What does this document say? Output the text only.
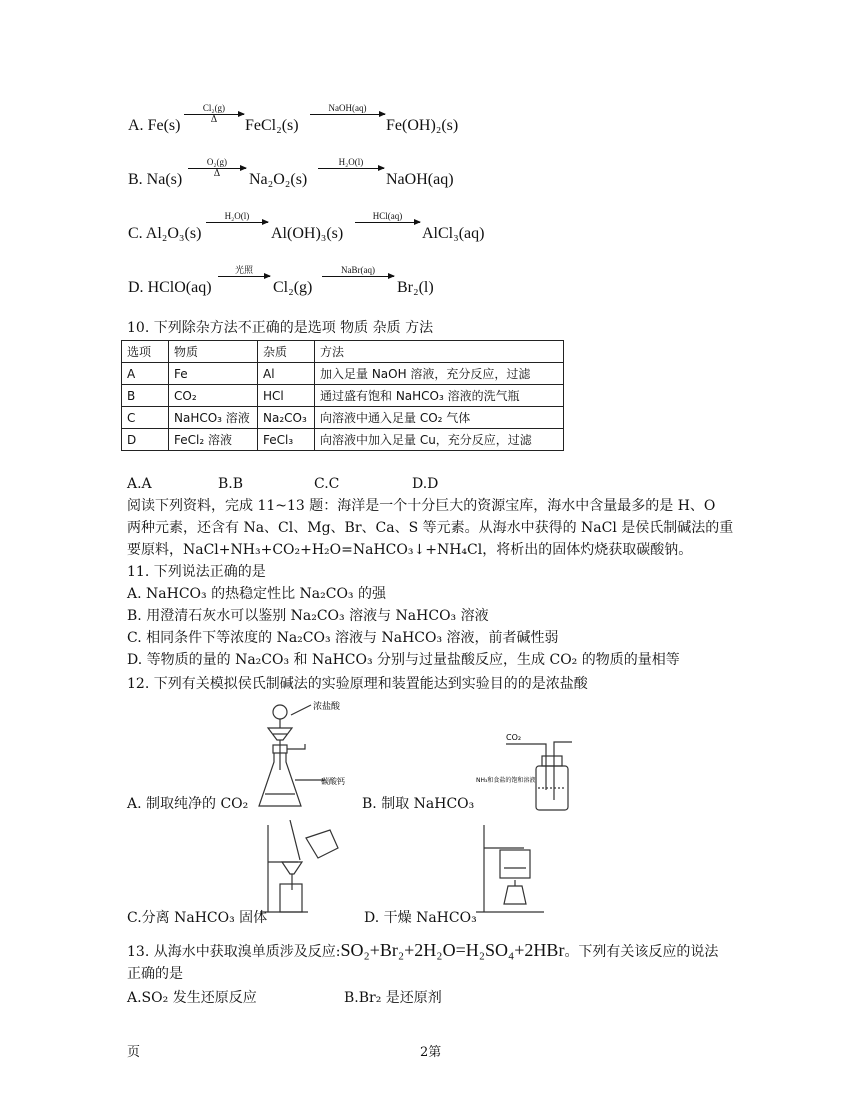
A. Fe(s)
Cl₂(g)
Δ	FeCl₂(s)
NaOH(aq)
Fe(OH)₂(s)
B. Na(s)
O₂(g)
Δ	Na₂O₂(s)
H₂O(l)
NaOH(aq)
C. Al₂O₃(s)
H₂O(l)
Al(OH)₃(s)
HCl(aq)
AlCl₃(aq)
D. HClO(aq)
光照
Cl₂(g)
NaBr(aq)
Br₂(l)
10. 下列除杂方法不正确的是选项 物质 杂质 方法
选项	物质	杂质	方法
A	Fe	Al	加入足量 NaOH 溶液，充分反应，过滤
B	CO₂	HCl	通过盛有饱和 NaHCO₃ 溶液的洗气瓶
C	NaHCO₃ 溶液	Na₂CO₃	向溶液中通入足量 CO₂ 气体
D	FeCl₂ 溶液	FeCl₃	向溶液中加入足量 Cu，充分反应，过滤
A.A	B.B	C.C	D.D
阅读下列资料，完成 11~13 题：海洋是一个十分巨大的资源宝库，海水中含量最多的是 H、O
两种元素，还含有 Na、Cl、Mg、Br、Ca、S 等元素。从海水中获得的 NaCl 是侯氏制碱法的重
要原料，NaCl+NH₃+CO₂+H₂O=NaHCO₃↓+NH₄Cl，将析出的固体灼烧获取碳酸钠。
11. 下列说法正确的是
A. NaHCO₃ 的热稳定性比 Na₂CO₃ 的强
B. 用澄清石灰水可以鉴别 Na₂CO₃ 溶液与 NaHCO₃ 溶液
C. 相同条件下等浓度的 Na₂CO₃ 溶液与 NaHCO₃ 溶液，前者碱性弱
D. 等物质的量的 Na₂CO₃ 和 NaHCO₃ 分别与过量盐酸反应，生成 CO₂ 的物质的量相等
12. 下列有关模拟侯氏制碱法的实验原理和装置能达到实验目的的是浓盐酸
浓盐酸
碳酸钙
A. 制取纯净的 CO₂
CO₂
NH₃和食盐的饱和溶液
B. 制取 NaHCO₃
C.分离 NaHCO₃ 固体	D. 干燥 NaHCO₃
13. 从海水中获取溴单质涉及反应:SO₂+Br₂+2H₂O=H₂SO₄+2HBr。下列有关该反应的说法
正确的是
A.SO₂ 发生还原反应	B.Br₂ 是还原剂
页	2第
